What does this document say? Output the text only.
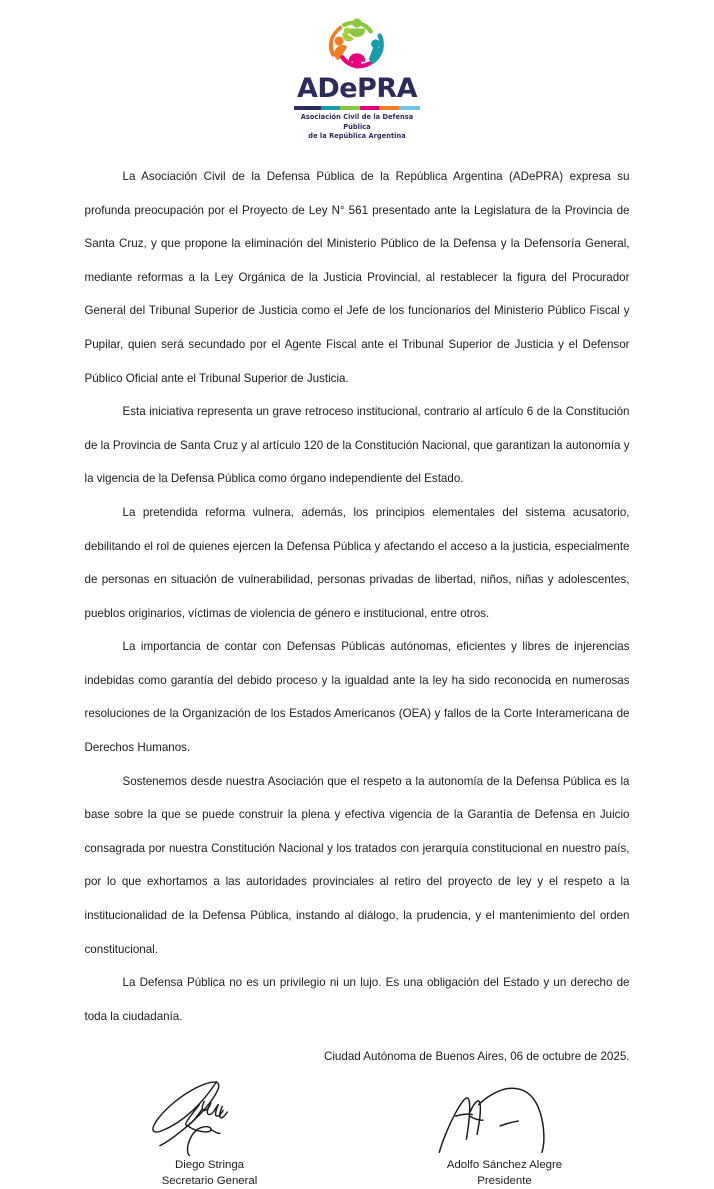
ADePRA
Asociación Civil de la Defensa Pública
de la República Argentina

La Asociación Civil de la Defensa Pública de la República Argentina (ADePRA) expresa su profunda preocupación por el Proyecto de Ley N° 561 presentado ante la Legislatura de la Provincia de Santa Cruz, y que propone la eliminación del Ministerio Público de la Defensa y la Defensoría General, mediante reformas a la Ley Orgánica de la Justicia Provincial, al restablecer la figura del Procurador General del Tribunal Superior de Justicia como el Jefe de los funcionarios del Ministerio Público Fiscal y Pupilar, quien será secundado por el Agente Fiscal ante el Tribunal Superior de Justicia y el Defensor Público Oficial ante el Tribunal Superior de Justicia.

Esta iniciativa representa un grave retroceso institucional, contrario al artículo 6 de la Constitución de la Provincia de Santa Cruz y al artículo 120 de la Constitución Nacional, que garantizan la autonomía y la vigencia de la Defensa Pública como órgano independiente del Estado.

La pretendida reforma vulnera, además, los principios elementales del sistema acusatorio, debilitando el rol de quienes ejercen la Defensa Pública y afectando el acceso a la justicia, especialmente de personas en situación de vulnerabilidad, personas privadas de libertad, niños, niñas y adolescentes, pueblos originarios, víctimas de violencia de género e institucional, entre otros.

La importancia de contar con Defensas Públicas autónomas, eficientes y libres de injerencias indebidas como garantía del debido proceso y la igualdad ante la ley ha sido reconocida en numerosas resoluciones de la Organización de los Estados Americanos (OEA) y fallos de la Corte Interamericana de Derechos Humanos.

Sostenemos desde nuestra Asociación que el respeto a la autonomía de la Defensa Pública es la base sobre la que se puede construir la plena y efectiva vigencia de la Garantía de Defensa en Juicio consagrada por nuestra Constitución Nacional y los tratados con jerarquía constitucional en nuestro país, por lo que exhortamos a las autoridades provinciales al retiro del proyecto de ley y el respeto a la institucionalidad de la Defensa Pública, instando al diálogo, la prudencia, y el mantenimiento del orden constitucional.

La Defensa Pública no es un privilegio ni un lujo. Es una obligación del Estado y un derecho de toda la ciudadanía.

Ciudad Autónoma de Buenos Aires, 06 de octubre de 2025.

Diego Stringa
Secretario General
Adolfo Sánchez Alegre
Presidente
